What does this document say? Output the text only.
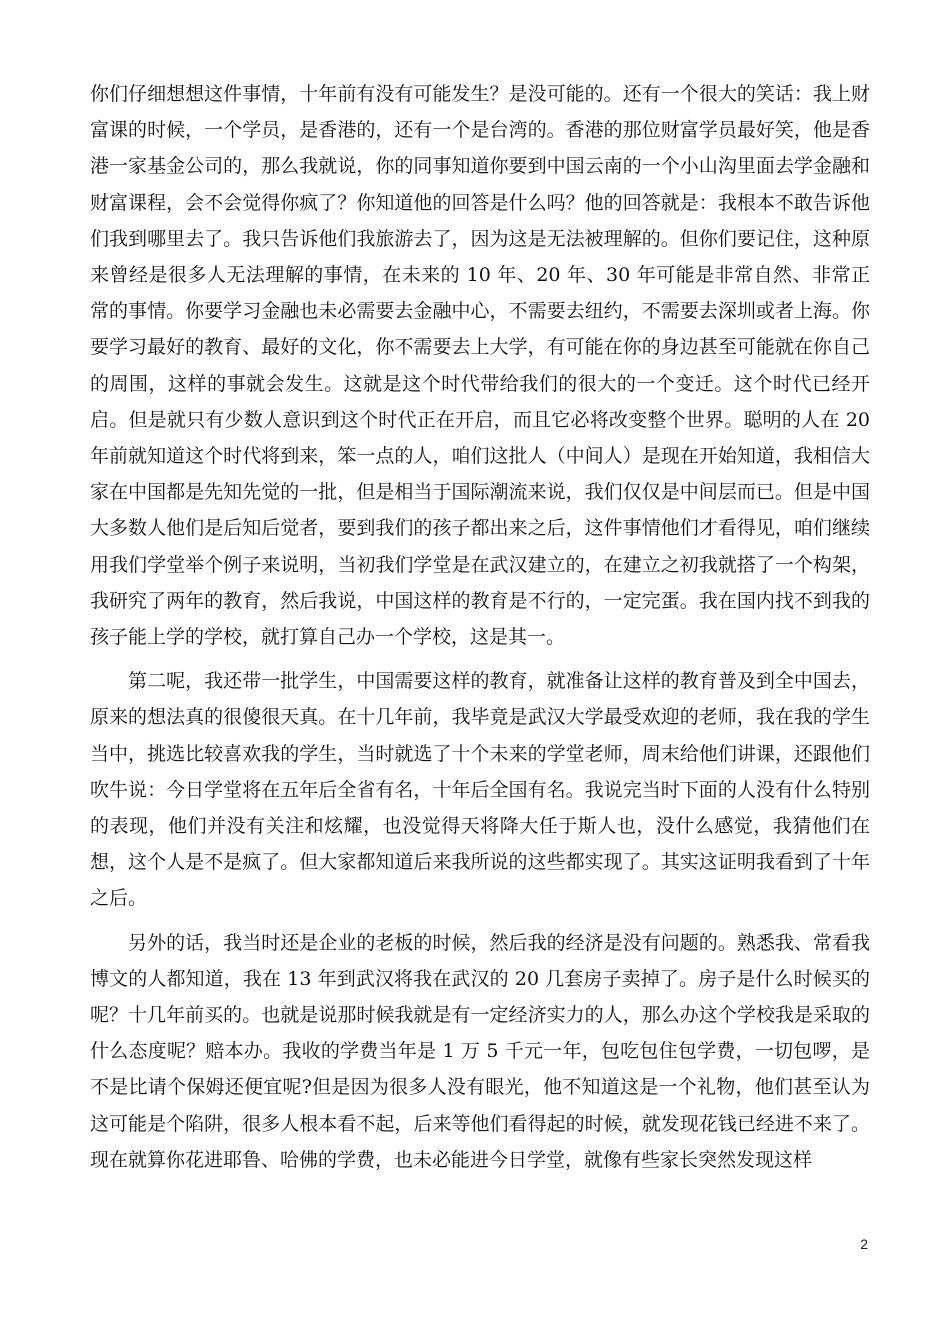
你们仔细想想这件事情，十年前有没有可能发生？是没可能的。还有一个很大的笑话：我上财富课的时候，一个学员，是香港的，还有一个是台湾的。香港的那位财富学员最好笑，他是香港一家基金公司的，那么我就说，你的同事知道你要到中国云南的一个小山沟里面去学金融和财富课程，会不会觉得你疯了？你知道他的回答是什么吗？他的回答就是：我根本不敢告诉他们我到哪里去了。我只告诉他们我旅游去了，因为这是无法被理解的。但你们要记住，这种原来曾经是很多人无法理解的事情，在未来的 10 年、20 年、30 年可能是非常自然、非常正常的事情。你要学习金融也未必需要去金融中心，不需要去纽约，不需要去深圳或者上海。你要学习最好的教育、最好的文化，你不需要去上大学，有可能在你的身边甚至可能就在你自己的周围，这样的事就会发生。这就是这个时代带给我们的很大的一个变迁。这个时代已经开启。但是就只有少数人意识到这个时代正在开启，而且它必将改变整个世界。聪明的人在 20 年前就知道这个时代将到来，笨一点的人，咱们这批人（中间人）是现在开始知道，我相信大家在中国都是先知先觉的一批，但是相当于国际潮流来说，我们仅仅是中间层而已。但是中国大多数人他们是后知后觉者，要到我们的孩子都出来之后，这件事情他们才看得见，咱们继续用我们学堂举个例子来说明，当初我们学堂是在武汉建立的，在建立之初我就搭了一个构架，我研究了两年的教育，然后我说，中国这样的教育是不行的，一定完蛋。我在国内找不到我的孩子能上学的学校，就打算自己办一个学校，这是其一。

　　第二呢，我还带一批学生，中国需要这样的教育，就准备让这样的教育普及到全中国去，原来的想法真的很傻很天真。在十几年前，我毕竟是武汉大学最受欢迎的老师，我在我的学生当中，挑选比较喜欢我的学生，当时就选了十个未来的学堂老师，周末给他们讲课，还跟他们吹牛说：今日学堂将在五年后全省有名，十年后全国有名。我说完当时下面的人没有什么特别的表现，他们并没有关注和炫耀，也没觉得天将降大任于斯人也，没什么感觉，我猜他们在想，这个人是不是疯了。但大家都知道后来我所说的这些都实现了。其实这证明我看到了十年之后。

　　另外的话，我当时还是企业的老板的时候，然后我的经济是没有问题的。熟悉我、常看我博文的人都知道，我在 13 年到武汉将我在武汉的 20 几套房子卖掉了。房子是什么时候买的呢？十几年前买的。也就是说那时候我就是有一定经济实力的人，那么办这个学校我是采取的什么态度呢？赔本办。我收的学费当年是 1 万 5 千元一年，包吃包住包学费，一切包啰，是不是比请个保姆还便宜呢?但是因为很多人没有眼光，他不知道这是一个礼物，他们甚至认为这可能是个陷阱，很多人根本看不起，后来等他们看得起的时候，就发现花钱已经进不来了。现在就算你花进耶鲁、哈佛的学费，也未必能进今日学堂，就像有些家长突然发现这样

2
